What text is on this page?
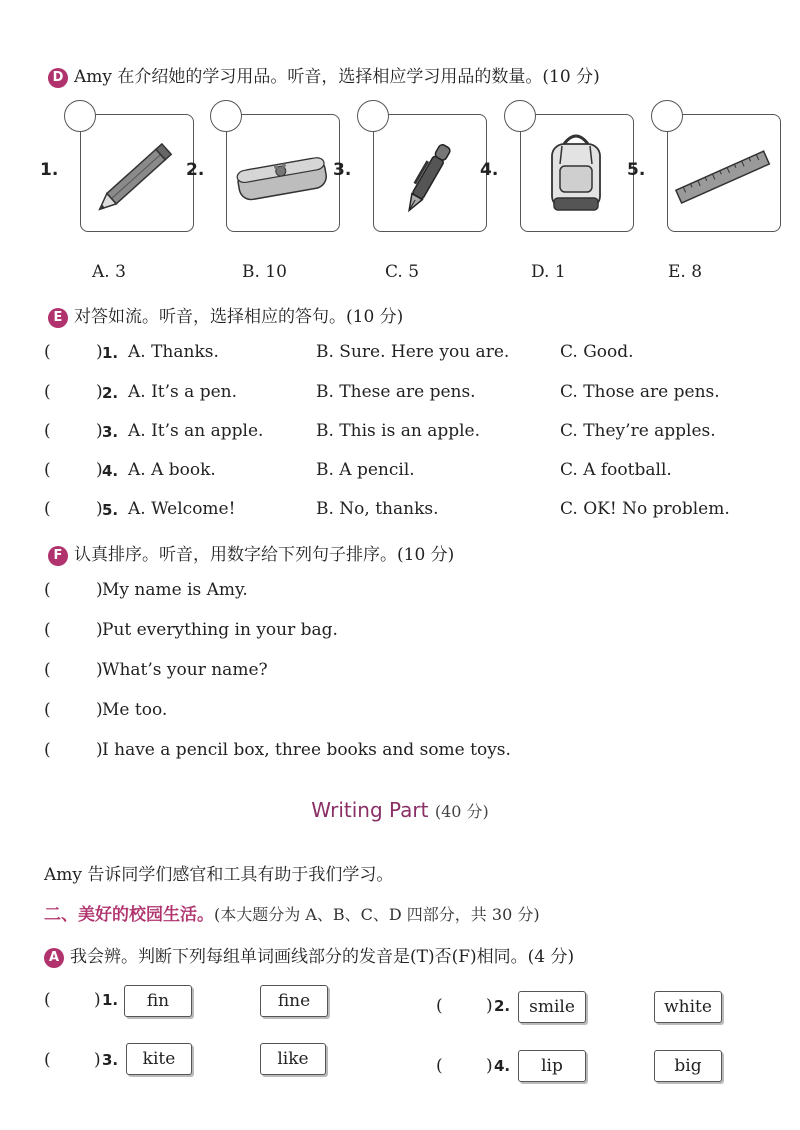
D Amy 在介绍她的学习用品。听音，选择相应学习用品的数量。(10 分)
1.	2.	3.	4.	5.
A. 3	B. 10	C. 5	D. 1	E. 8
E 对答如流。听音，选择相应的答句。(10 分)
(	) 1. A. Thanks.	B. Sure. Here you are.	C. Good.
(	) 2. A. It’s a pen.	B. These are pens.	C. Those are pens.
(	) 3. A. It’s an apple.	B. This is an apple.	C. They’re apples.
(	) 4. A. A book.	B. A pencil.	C. A football.
(	) 5. A. Welcome!	B. No, thanks.	C. OK! No problem.
F 认真排序。听音，用数字给下列句子排序。(10 分)
(	) My name is Amy.
(	) Put everything in your bag.
(	) What’s your name?
(	) Me too.
(	) I have a pencil box, three books and some toys.
Writing Part (40 分)
Amy 告诉同学们感官和工具有助于我们学习。
二、美好的校园生活。(本大题分为 A、B、C、D 四部分，共 30 分)
A 我会辨。判断下列每组单词画线部分的发音是(T)否(F)相同。(4 分)
(	) 1.	fin	fine	(	) 2.	smile	white
(	) 3.	kite	like	(	) 4.	lip	big
